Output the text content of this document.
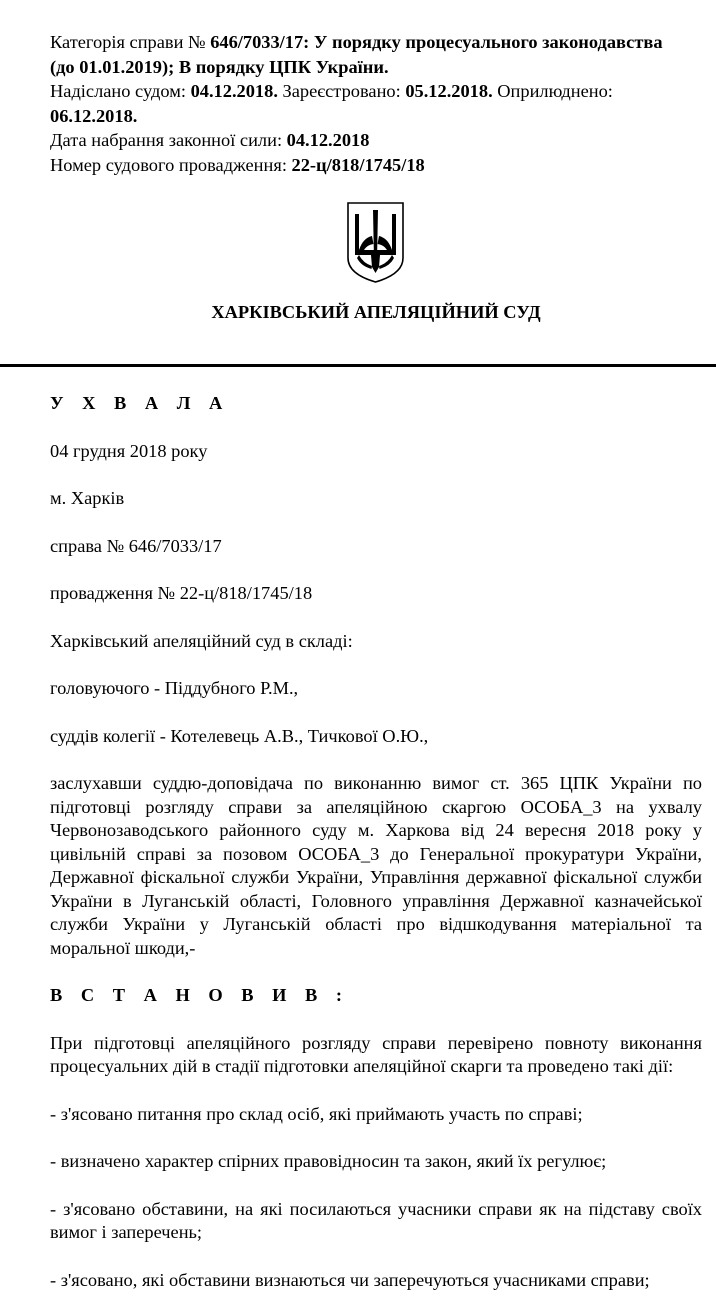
Категорія справи № 646/7033/17: У порядку процесуального законодавства (до 01.01.2019); В порядку ЦПК України.

Надіслано судом: 04.12.2018. Зареєстровано: 05.12.2018. Оприлюднено: 06.12.2018.

Дата набрання законної сили: 04.12.2018

Номер судового провадження: 22-ц/818/1745/18

ХАРКІВСЬКИЙ АПЕЛЯЦІЙНИЙ СУД

У Х В А Л А

04 грудня 2018 року

м. Харків

справа № 646/7033/17

провадження № 22-ц/818/1745/18

Харківський апеляційний суд в складі:

головуючого - Піддубного Р.М.,

суддів колегії - Котелевець А.В., Тичкової О.Ю.,

заслухавши суддю-доповідача по виконанню вимог ст. 365 ЦПК України по підготовці розгляду справи за апеляційною скаргою ОСОБА_3 на ухвалу Червонозаводського районного суду м. Харкова від 24 вересня 2018 року у цивільній справі за позовом ОСОБА_3 до Генеральної прокуратури України, Державної фіскальної служби України, Управління державної фіскальної служби України в Луганській області, Головного управління Державної казначейської служби України у Луганській області про відшкодування матеріальної та моральної шкоди,-

В С Т А Н О В И В :

При підготовці апеляційного розгляду справи перевірено повноту виконання процесуальних дій в стадії підготовки апеляційної скарги та проведено такі дії:

- з'ясовано питання про склад осіб, які приймають участь по справі;

- визначено характер спірних правовідносин та закон, який їх регулює;

- з'ясовано обставини, на які посилаються учасники справи як на підставу своїх вимог і заперечень;

- з'ясовано, які обставини визнаються чи заперечуються учасниками справи;
